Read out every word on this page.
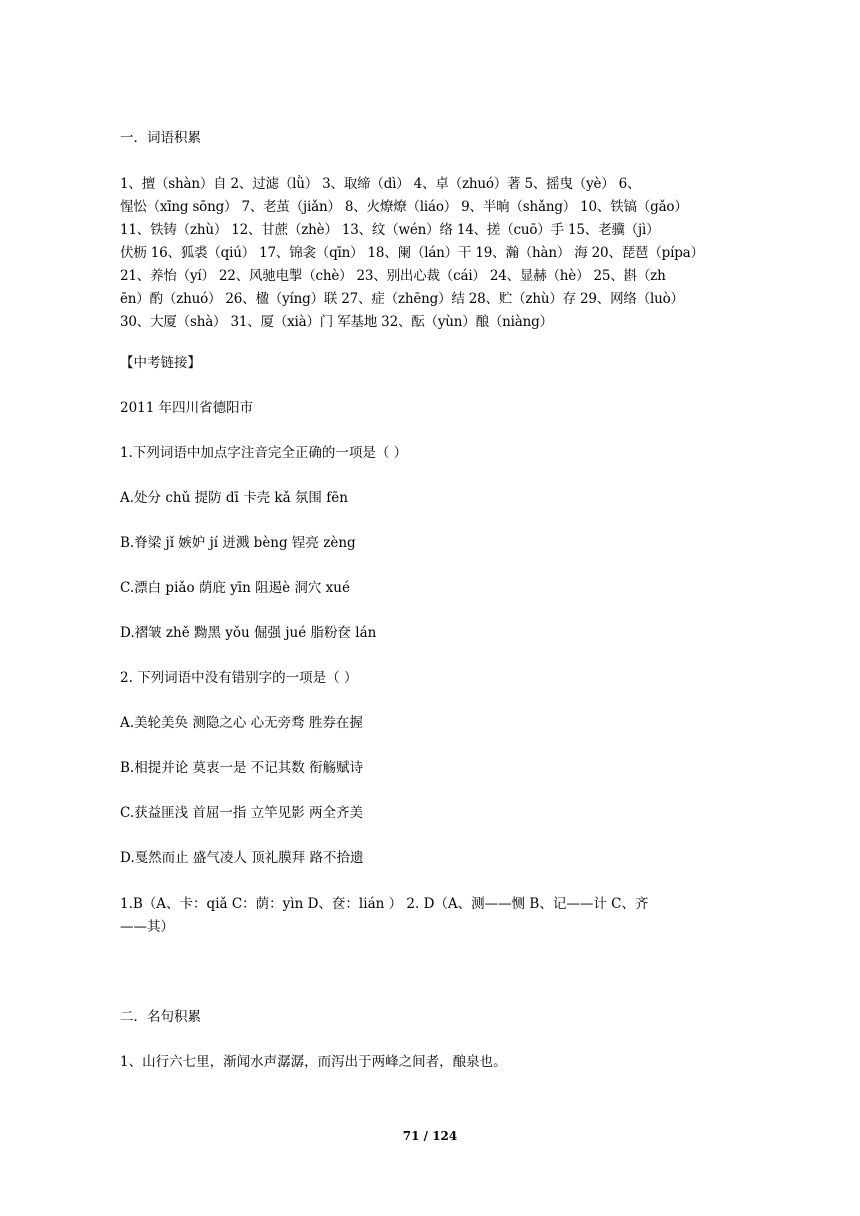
一．词语积累
1、擅（shàn）自 2、过滤（lǜ） 3、取缔（dì） 4、卓（zhuó）著 5、摇曳（yè） 6、
惺忪（xīng sōng） 7、老茧（jiǎn） 8、火燎燎（liáo） 9、半晌（shǎng） 10、铁镐（gǎo）
11、铁铸（zhù） 12、甘蔗（zhè） 13、纹（wén）络 14、搓（cuō）手 15、老骥（jì）
伏枥 16、狐裘（qiú） 17、锦衾（qīn） 18、阑（lán）干 19、瀚（hàn） 海 20、琵琶（pípa）
21、养怡（yí） 22、风驰电掣（chè） 23、别出心裁（cái） 24、显赫（hè） 25、斟（zh
ēn）酌（zhuó） 26、楹（yíng）联 27、症（zhēng）结 28、贮（zhù）存 29、网络（luò）
30、大厦（shà） 31、厦（xià）门 军基地 32、酝（yùn）酿（niàng）
【中考链接】
2011 年四川省德阳市
1.下列词语中加点字注音完全正确的一项是（ ）
A.处分 chǔ 提防 dī 卡壳 kǎ 氛围 fēn
B.脊梁 jǐ 嫉妒 jí 迸溅 bèng 锃亮 zèng
C.漂白 piǎo 荫庇 yīn 阻遏è 洞穴 xué
D.褶皱 zhě 黝黑 yǒu 倔强 jué 脂粉奁 lán
2. 下列词语中没有错别字的一项是（ ）
A.美轮美奂 测隐之心 心无旁骛 胜券在握
B.相提并论 莫衷一是 不记其数 衔觞赋诗
C.获益匪浅 首屈一指 立竿见影 两全齐美
D.戛然而止 盛气凌人 顶礼膜拜 路不拾遗
1.B（A、卡：qiǎ C：荫：yìn D、奁：lián ） 2. D（A、测——恻 B、记——计 C、齐
——其）
二．名句积累
1、山行六七里，渐闻水声潺潺，而泻出于两峰之间者，酿泉也。
71 / 124
